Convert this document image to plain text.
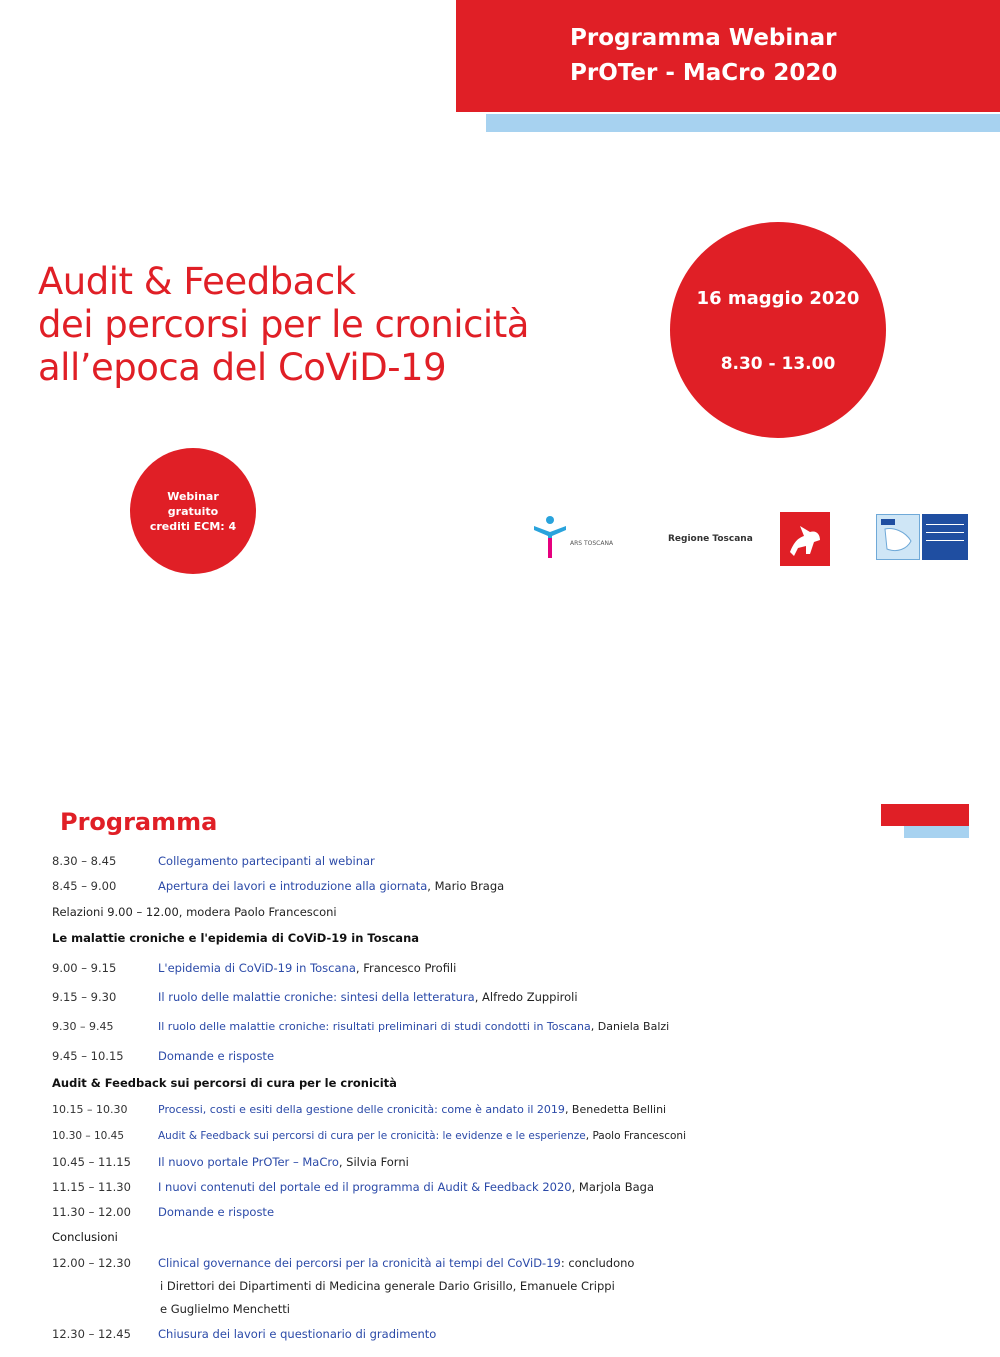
Programma Webinar
PrOTer - MaCro 2020
Audit & Feedback
dei percorsi per le cronicità
all’epoca del CoViD-19
16 maggio 2020
8.30 - 13.00
Webinar
gratuito
crediti ECM: 4
ARS TOSCANA	Regione Toscana
Programma
8.30 – 8.45	Collegamento partecipanti al webinar
8.45 – 9.00	Apertura dei lavori e introduzione alla giornata, Mario Braga
Relazioni 9.00 – 12.00, modera Paolo Francesconi
Le malattie croniche e l'epidemia di CoViD-19 in Toscana
9.00 – 9.15	L'epidemia di CoViD-19 in Toscana, Francesco Profili
9.15 – 9.30	Il ruolo delle malattie croniche: sintesi della letteratura, Alfredo Zuppiroli
9.30 – 9.45	Il ruolo delle malattie croniche: risultati preliminari di studi condotti in Toscana, Daniela Balzi
9.45 – 10.15	Domande e risposte
Audit & Feedback sui percorsi di cura per le cronicità
10.15 – 10.30	Processi, costi e esiti della gestione delle cronicità: come è andato il 2019, Benedetta Bellini
10.30 – 10.45	Audit & Feedback sui percorsi di cura per le cronicità: le evidenze e le esperienze, Paolo Francesconi
10.45 – 11.15 Il nuovo portale PrOTer – MaCro, Silvia Forni
11.15 – 11.30 I nuovi contenuti del portale ed il programma di Audit & Feedback 2020, Marjola Baga
11.30 – 12.00 Domande e risposte
Conclusioni
12.00 – 12.30 Clinical governance dei percorsi per la cronicità ai tempi del CoViD-19: concludono
i Direttori dei Dipartimenti di Medicina generale Dario Grisillo, Emanuele Crippi
e Guglielmo Menchetti
12.30 – 12.45 Chiusura dei lavori e questionario di gradimento
